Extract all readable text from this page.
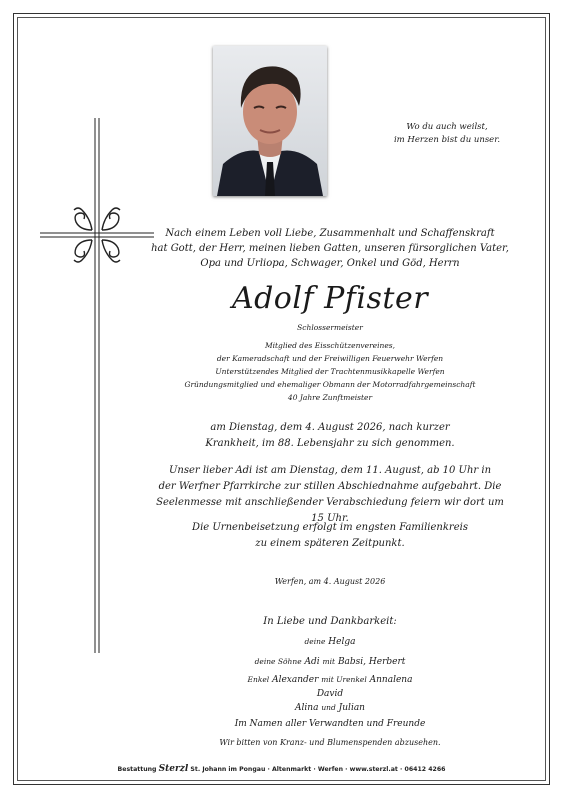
Wo du auch weilst,
im Herzen bist du unser.
Nach einem Leben voll Liebe, Zusammenhalt und Schaffenskraft
hat Gott, der Herr, meinen lieben Gatten, unseren fürsorglichen Vater,
Opa und Urliopa, Schwager, Onkel und Göd, Herrn
Adolf Pfister
Schlossermeister
Mitglied des Eisschützenvereines,
der Kameradschaft und der Freiwilligen Feuerwehr Werfen
Unterstützendes Mitglied der Trachtenmusikkapelle Werfen
Gründungsmitglied und ehemaliger Obmann der Motorradfahrgemeinschaft
40 Jahre Zunftmeister
am Dienstag, dem 4. August 2026, nach kurzer
Krankheit, im 88. Lebensjahr zu sich genommen.
Unser lieber Adi ist am Dienstag, dem 11. August, ab 10 Uhr in
der Werfner Pfarrkirche zur stillen Abschiednahme aufgebahrt. Die
Seelenmesse mit anschließender Verabschiedung feiern wir dort um 15 Uhr.
Die Urnenbeisetzung erfolgt im engsten Familienkreis
zu einem späteren Zeitpunkt.
Werfen, am 4. August 2026
In Liebe und Dankbarkeit:
deine Helga
deine Söhne Adi mit Babsi, Herbert
Enkel Alexander mit Urenkel Annalena
David
Alina und Julian
Im Namen aller Verwandten und Freunde
Wir bitten von Kranz- und Blumenspenden abzusehen.
Bestattung Sterzl St. Johann im Pongau · Altenmarkt · Werfen · www.sterzl.at · 06412 4266
